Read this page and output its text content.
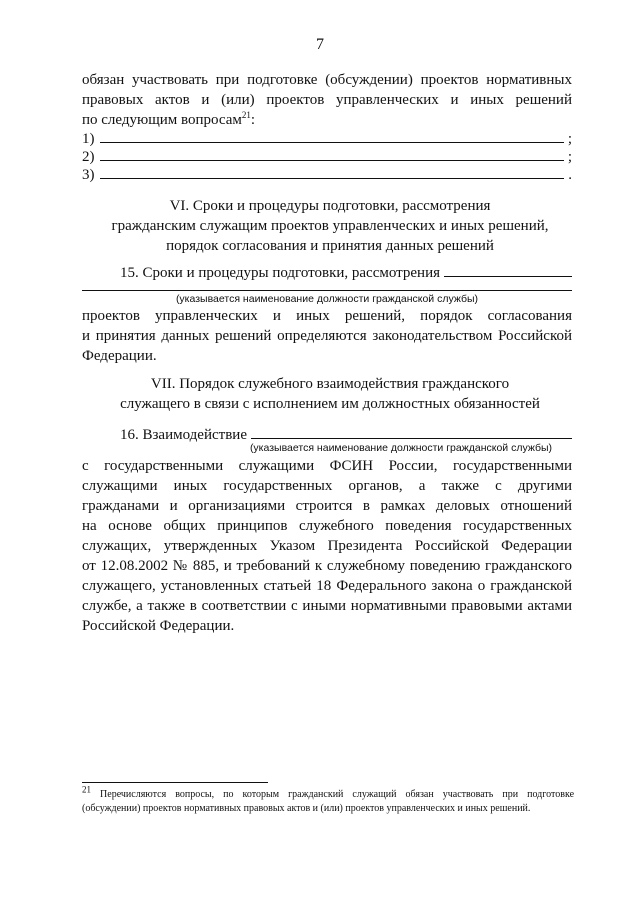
7
обязан участвовать при подготовке (обсуждении) проектов нормативных
правовых актов и (или) проектов управленческих и иных решений
по следующим вопросам$^{21}$:
1)	;
2)	;
3)	.
VI. Сроки и процедуры подготовки, рассмотрения
гражданским служащим проектов управленческих и иных решений,
порядок согласования и принятия данных решений
15. Сроки и процедуры подготовки, рассмотрения
(указывается наименование должности гражданской службы)
проектов управленческих и иных решений, порядок согласования
и принятия данных решений определяются законодательством Российской
Федерации.
VII. Порядок служебного взаимодействия гражданского
служащего в связи с исполнением им должностных обязанностей
16. Взаимодействие
(указывается наименование должности гражданской службы)
с государственными служащими ФСИН России, государственными
служащими иных государственных органов, а также с другими
гражданами и организациями строится в рамках деловых отношений
на основе общих принципов служебного поведения государственных
служащих, утвержденных Указом Президента Российской Федерации
от 12.08.2002 № 885, и требований к служебному поведению гражданского
служащего, установленных статьей 18 Федерального закона о гражданской
службе, а также в соответствии с иными нормативными правовыми актами
Российской Федерации.
$^{21}$ Перечисляются вопросы, по которым гражданский служащий обязан участвовать при подготовке
(обсуждении) проектов нормативных правовых актов и (или) проектов управленческих и иных решений.
